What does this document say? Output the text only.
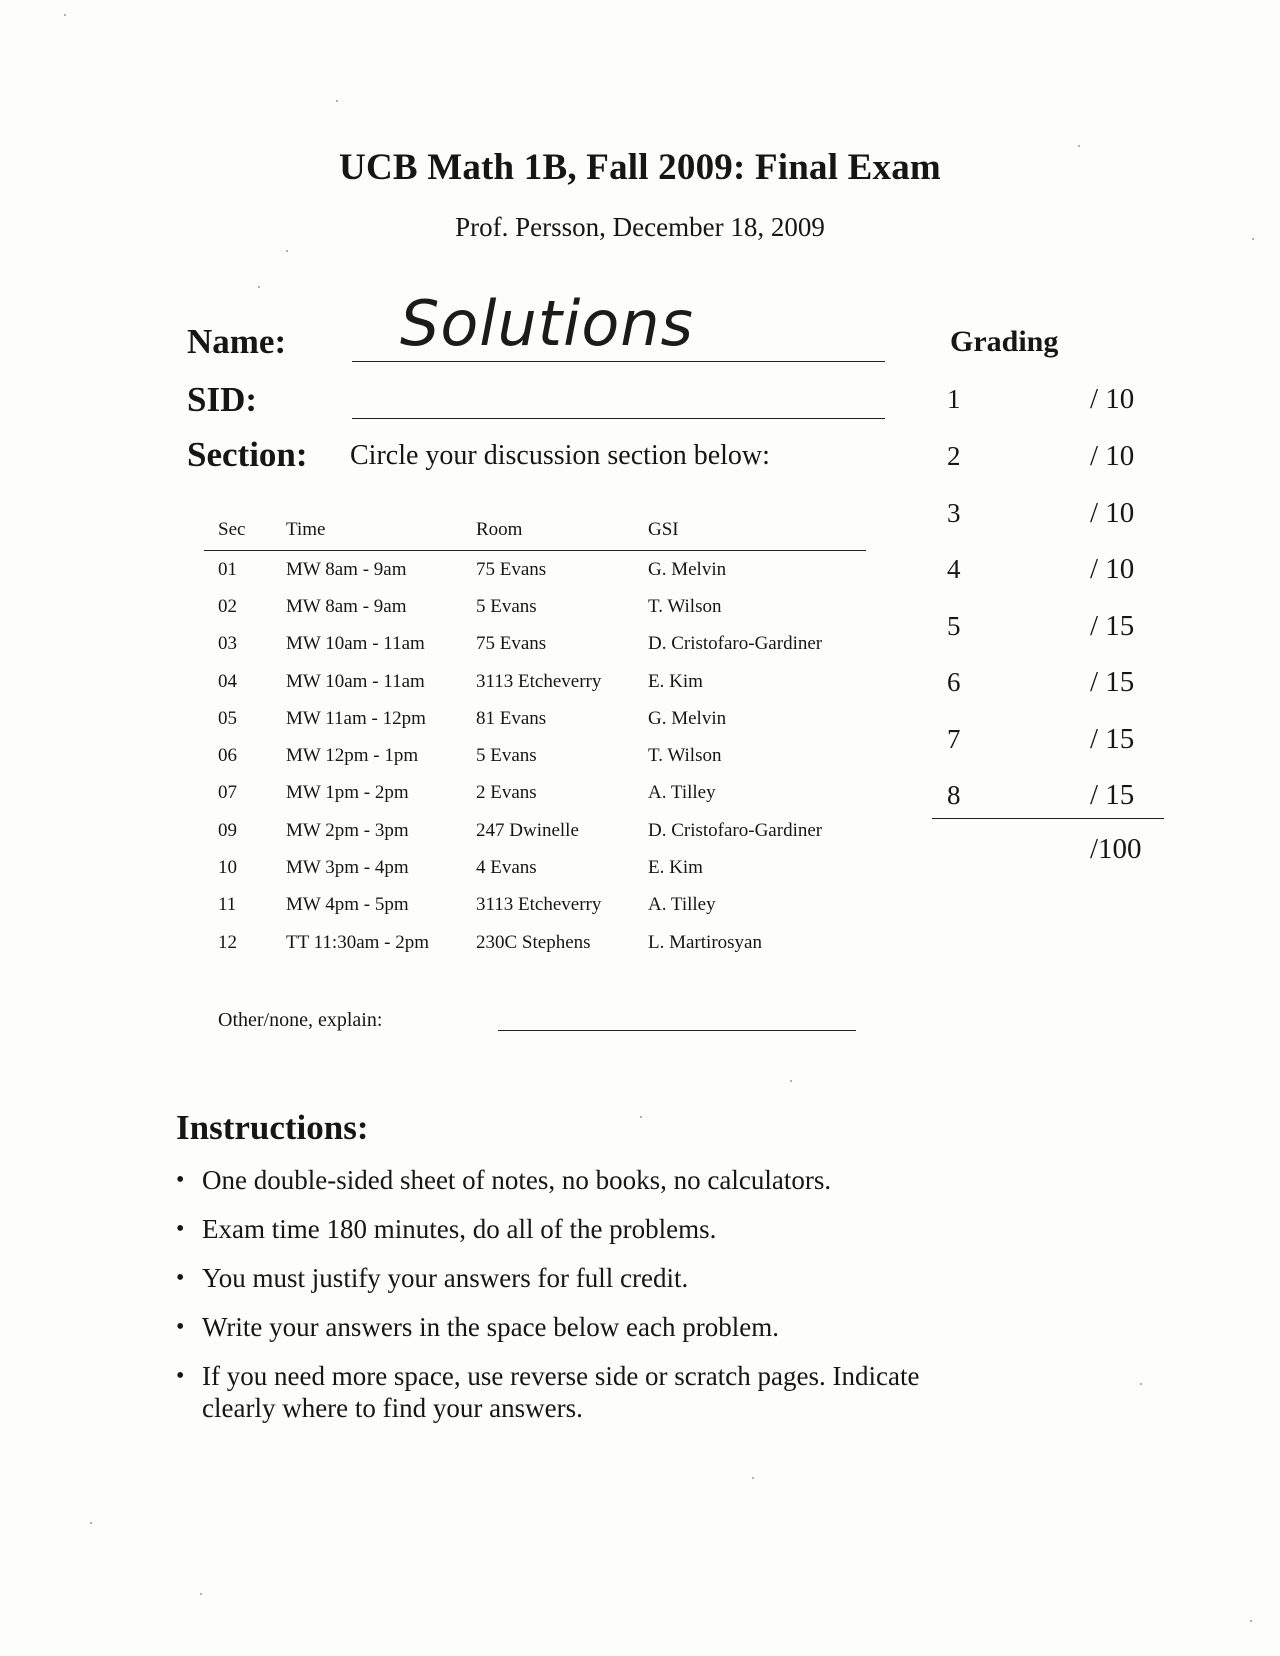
UCB Math 1B, Fall 2009: Final Exam
Prof. Persson, December 18, 2009
Name: Solutions
SID:
Section: Circle your discussion section below:
Sec	Time	Room	GSI
01	MW 8am - 9am	75 Evans	G. Melvin
02	MW 8am - 9am	5 Evans	T. Wilson
03	MW 10am - 11am	75 Evans	D. Cristofaro-Gardiner
04	MW 10am - 11am	3113 Etcheverry	E. Kim
05	MW 11am - 12pm	81 Evans	G. Melvin
06	MW 12pm - 1pm	5 Evans	T. Wilson
07	MW 1pm - 2pm	2 Evans	A. Tilley
09	MW 2pm - 3pm	247 Dwinelle	D. Cristofaro-Gardiner
10	MW 3pm - 4pm	4 Evans	E. Kim
11	MW 4pm - 5pm	3113 Etcheverry	A. Tilley
12	TT 11:30am - 2pm	230C Stephens	L. Martirosyan
Other/none, explain:
Grading
1	/ 10
2	/ 10
3	/ 10
4	/ 10
5	/ 15
6	/ 15
7	/ 15
8	/ 15
/100
Instructions:
• One double-sided sheet of notes, no books, no calculators.
• Exam time 180 minutes, do all of the problems.
• You must justify your answers for full credit.
• Write your answers in the space below each problem.
• If you need more space, use reverse side or scratch pages. Indicate clearly where to find your answers.
